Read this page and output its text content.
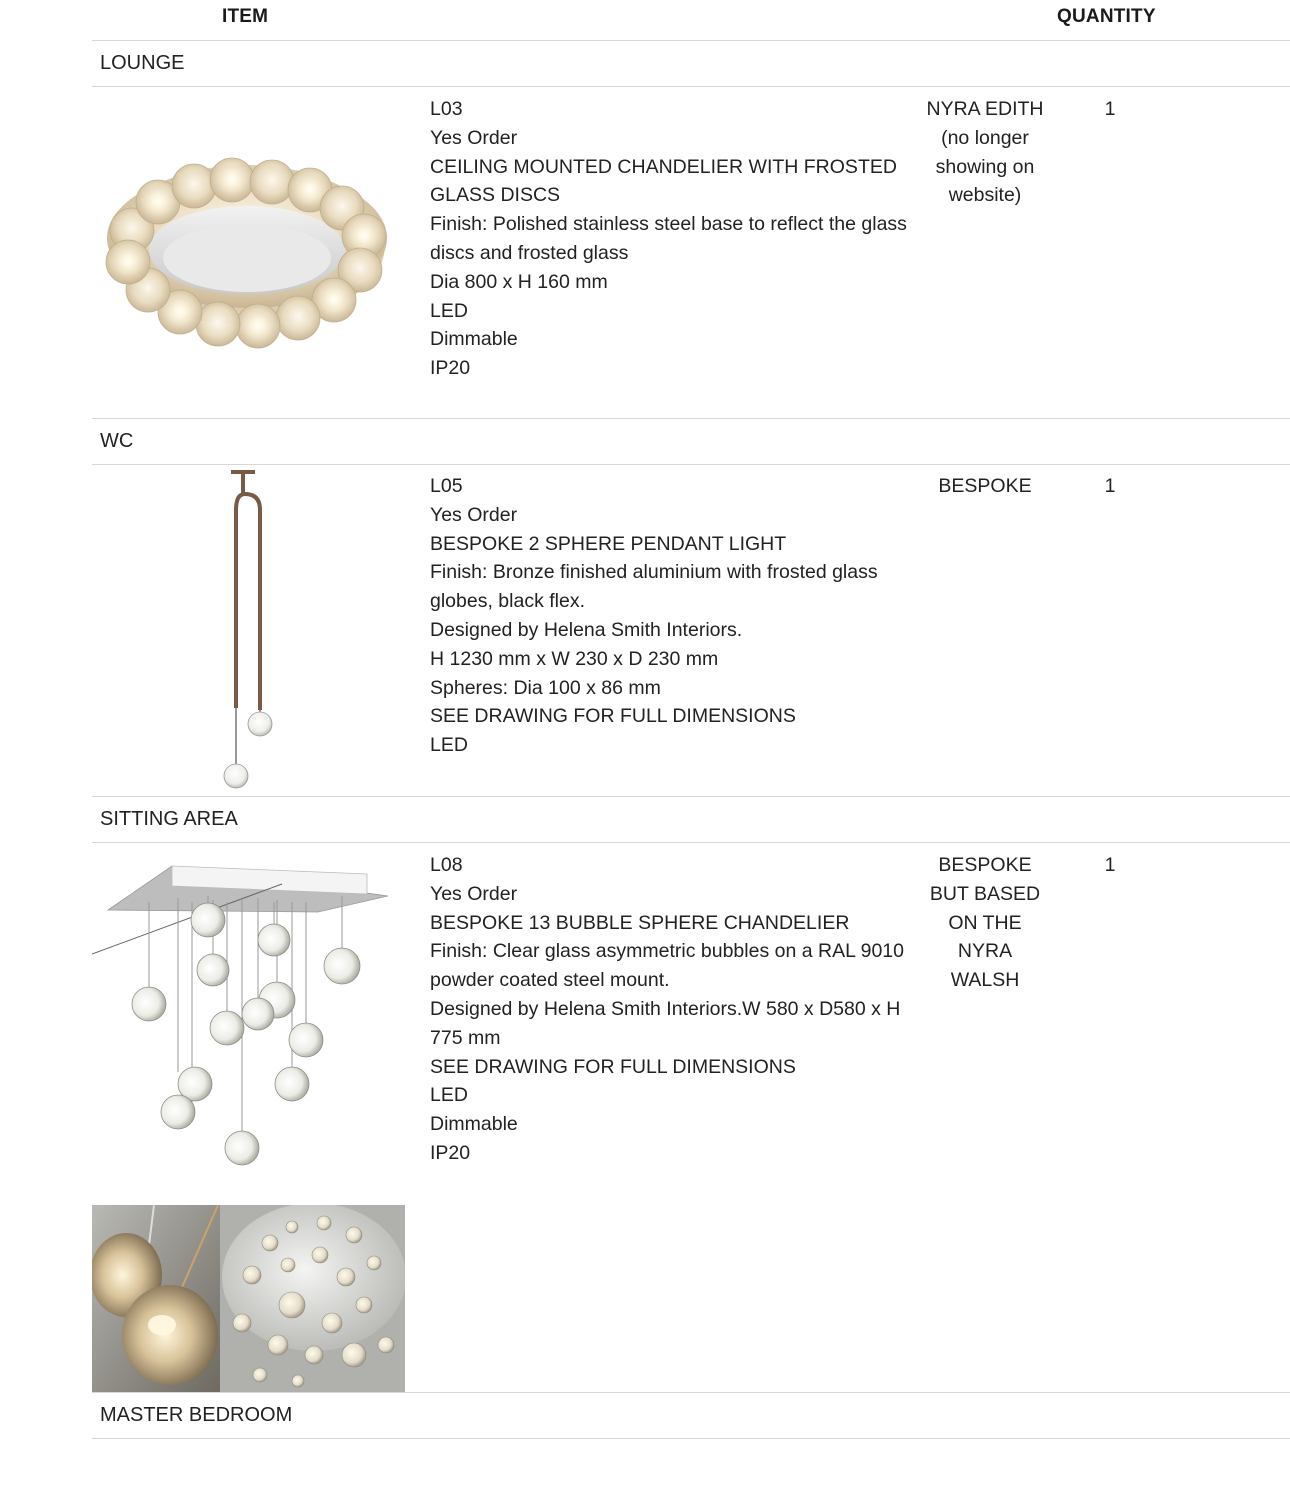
ITEM	QUANTITY
LOUNGE
L03
Yes Order
CEILING MOUNTED CHANDELIER WITH FROSTED GLASS DISCS
Finish: Polished stainless steel base to reflect the glass discs and frosted glass
Dia 800 x H 160 mm
LED
Dimmable
IP20
NYRA EDITH (no longer showing on website)
1
WC
L05
Yes Order
BESPOKE 2 SPHERE PENDANT LIGHT
Finish: Bronze finished aluminium with frosted glass globes, black flex.
Designed by Helena Smith Interiors.
H 1230 mm x W 230 x D 230 mm
Spheres: Dia 100 x 86 mm
SEE DRAWING FOR FULL DIMENSIONS
LED
BESPOKE	1
SITTING AREA
L08
Yes Order
BESPOKE 13 BUBBLE SPHERE CHANDELIER
Finish: Clear glass asymmetric bubbles on a RAL 9010 powder coated steel mount.
Designed by Helena Smith Interiors.W 580 x D580 x H 775 mm
SEE DRAWING FOR FULL DIMENSIONS
LED
Dimmable
IP20
BESPOKE BUT BASED ON THE NYRA WALSH
1
MASTER BEDROOM
